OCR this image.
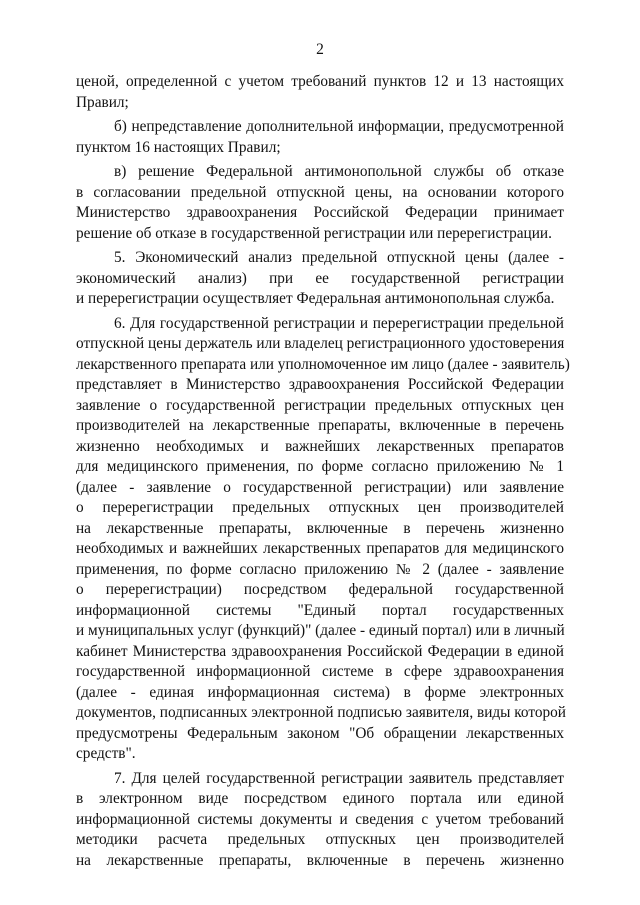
2
ценой, определенной с учетом требований пунктов 12 и 13 настоящих
Правил;
б) непредставление дополнительной информации, предусмотренной
пунктом 16 настоящих Правил;
в) решение Федеральной антимонопольной службы об отказе
в согласовании предельной отпускной цены, на основании которого
Министерство здравоохранения Российской Федерации принимает
решение об отказе в государственной регистрации или перерегистрации.
5. Экономический анализ предельной отпускной цены (далее -
экономический анализ) при ее государственной регистрации
и перерегистрации осуществляет Федеральная антимонопольная служба.
6. Для государственной регистрации и перерегистрации предельной
отпускной цены держатель или владелец регистрационного удостоверения
лекарственного препарата или уполномоченное им лицо (далее - заявитель)
представляет в Министерство здравоохранения Российской Федерации
заявление о государственной регистрации предельных отпускных цен
производителей на лекарственные препараты, включенные в перечень
жизненно необходимых и важнейших лекарственных препаратов
для медицинского применения, по форме согласно приложению № 1
(далее - заявление о государственной регистрации) или заявление
о перерегистрации предельных отпускных цен производителей
на лекарственные препараты, включенные в перечень жизненно
необходимых и важнейших лекарственных препаратов для медицинского
применения, по форме согласно приложению № 2 (далее - заявление
о перерегистрации) посредством федеральной государственной
информационной системы "Единый портал государственных
и муниципальных услуг (функций)" (далее - единый портал) или в личный
кабинет Министерства здравоохранения Российской Федерации в единой
государственной информационной системе в сфере здравоохранения
(далее - единая информационная система) в форме электронных
документов, подписанных электронной подписью заявителя, виды которой
предусмотрены Федеральным законом "Об обращении лекарственных
средств".
7. Для целей государственной регистрации заявитель представляет
в электронном виде посредством единого портала или единой
информационной системы документы и сведения с учетом требований
методики расчета предельных отпускных цен производителей
на лекарственные препараты, включенные в перечень жизненно
